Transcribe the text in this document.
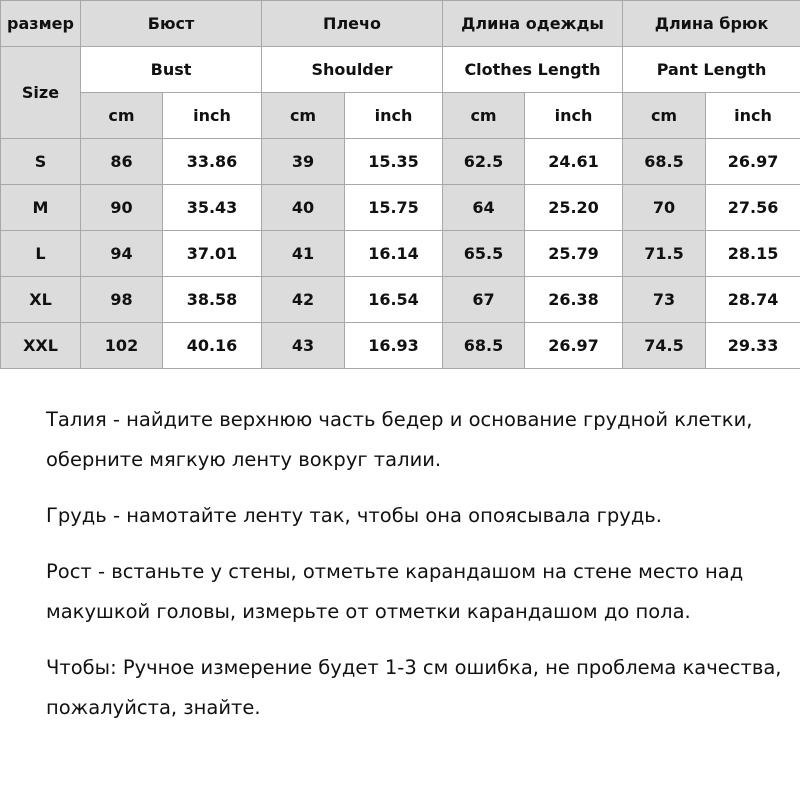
размер	Бюст		Плечо		Длина одежды		Длина брюк	
Size	Bust		Shoulder		Clothes Length		Pant Length	
	cm	inch	cm	inch	cm	inch	cm	inch
S	86	33.86	39	15.35	62.5	24.61	68.5	26.97
M	90	35.43	40	15.75	64	25.20	70	27.56
L	94	37.01	41	16.14	65.5	25.79	71.5	28.15
XL	98	38.58	42	16.54	67	26.38	73	28.74
XXL	102	40.16	43	16.93	68.5	26.97	74.5	29.33

Талия - найдите верхнюю часть бедер и основание грудной клетки, оберните мягкую ленту вокруг талии.

Грудь - намотайте ленту так, чтобы она опоясывала грудь.

Рост - встаньте у стены, отметьте карандашом на стене место над макушкой головы, измерьте от отметки карандашом до пола.

Чтобы: Ручное измерение будет 1-3 см ошибка, не проблема качества, пожалуйста, знайте.
